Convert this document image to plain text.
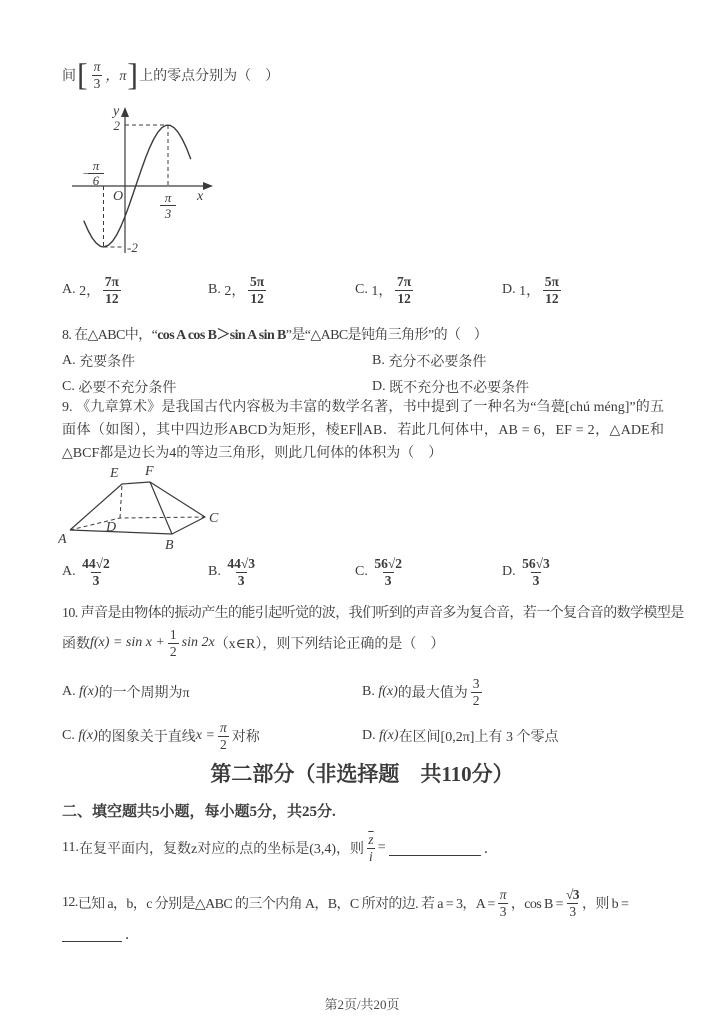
间 [ $\frac{\pi}{3}$ ，π ] 上的零点分别为（　）
y
2
−
π
6
O	π
3
x
-2
A.
2， $\frac{7\pi}{12}$	B.
2， $\frac{5\pi}{12}$	C.
1， $\frac{7\pi}{12}$	D.
1， $\frac{5\pi}{12}$
8. 在△ABC中，“cos A cos B＞sin A sin B”是“△ABC是钝角三角形”的（　）
A.
充要条件	B.
充分不必要条件
C.
必要不充分条件	D.
既不充分也不必要条件
9. 《九章算术》是我国古代内容极为丰富的数学名著，书中提到了一种名为“刍甍[chú méng]”的五面体（如图），其中四边形ABCD为矩形，棱EF∥AB．若此几何体中，AB = 6，EF = 2，△ADE和△BCF都是边长为4的等边三角形，则此几何体的体积为（　）
E F
A	B
C
D
A.
$\frac{44√2}{3}$	B.
$\frac{44√3}{3}$	C.
$\frac{56√2}{3}$	D.
$\frac{56√3}{3}$
10. 声音是由物体的振动产生的能引起听觉的波，我们听到的声音多为复合音，若一个复合音的数学模型是
函数 $f(x) = \sin x + \frac{1}{2}$ sin 2x （x∈R），则下列结论正确的是（　）
A.
f(x) 的一个周期为π	B.
f(x) 的最大值为 $\frac{3}{2}$
C.
f(x) 的图象关于直线 $x = \frac{\pi}{2}$ 对称	D.
f(x) 在区间[0,2π]上有 3 个零点
第二部分（非选择题　共110分）
二、填空题共5小题，每小题5分，共25分.
11. 在复平面内，复数z对应的点的坐标是(3,4)，则 $\frac{\overline{z}}{i}$ =	．
12. 已知 a，b，c 分别是△ABC 的三个内角 A，B，C 所对的边. 若 a = 3，$A = \frac{\pi}{3}$ ，$\cos B = \frac{√3}{3}$ ，则 b =
．
第2页/共20页
